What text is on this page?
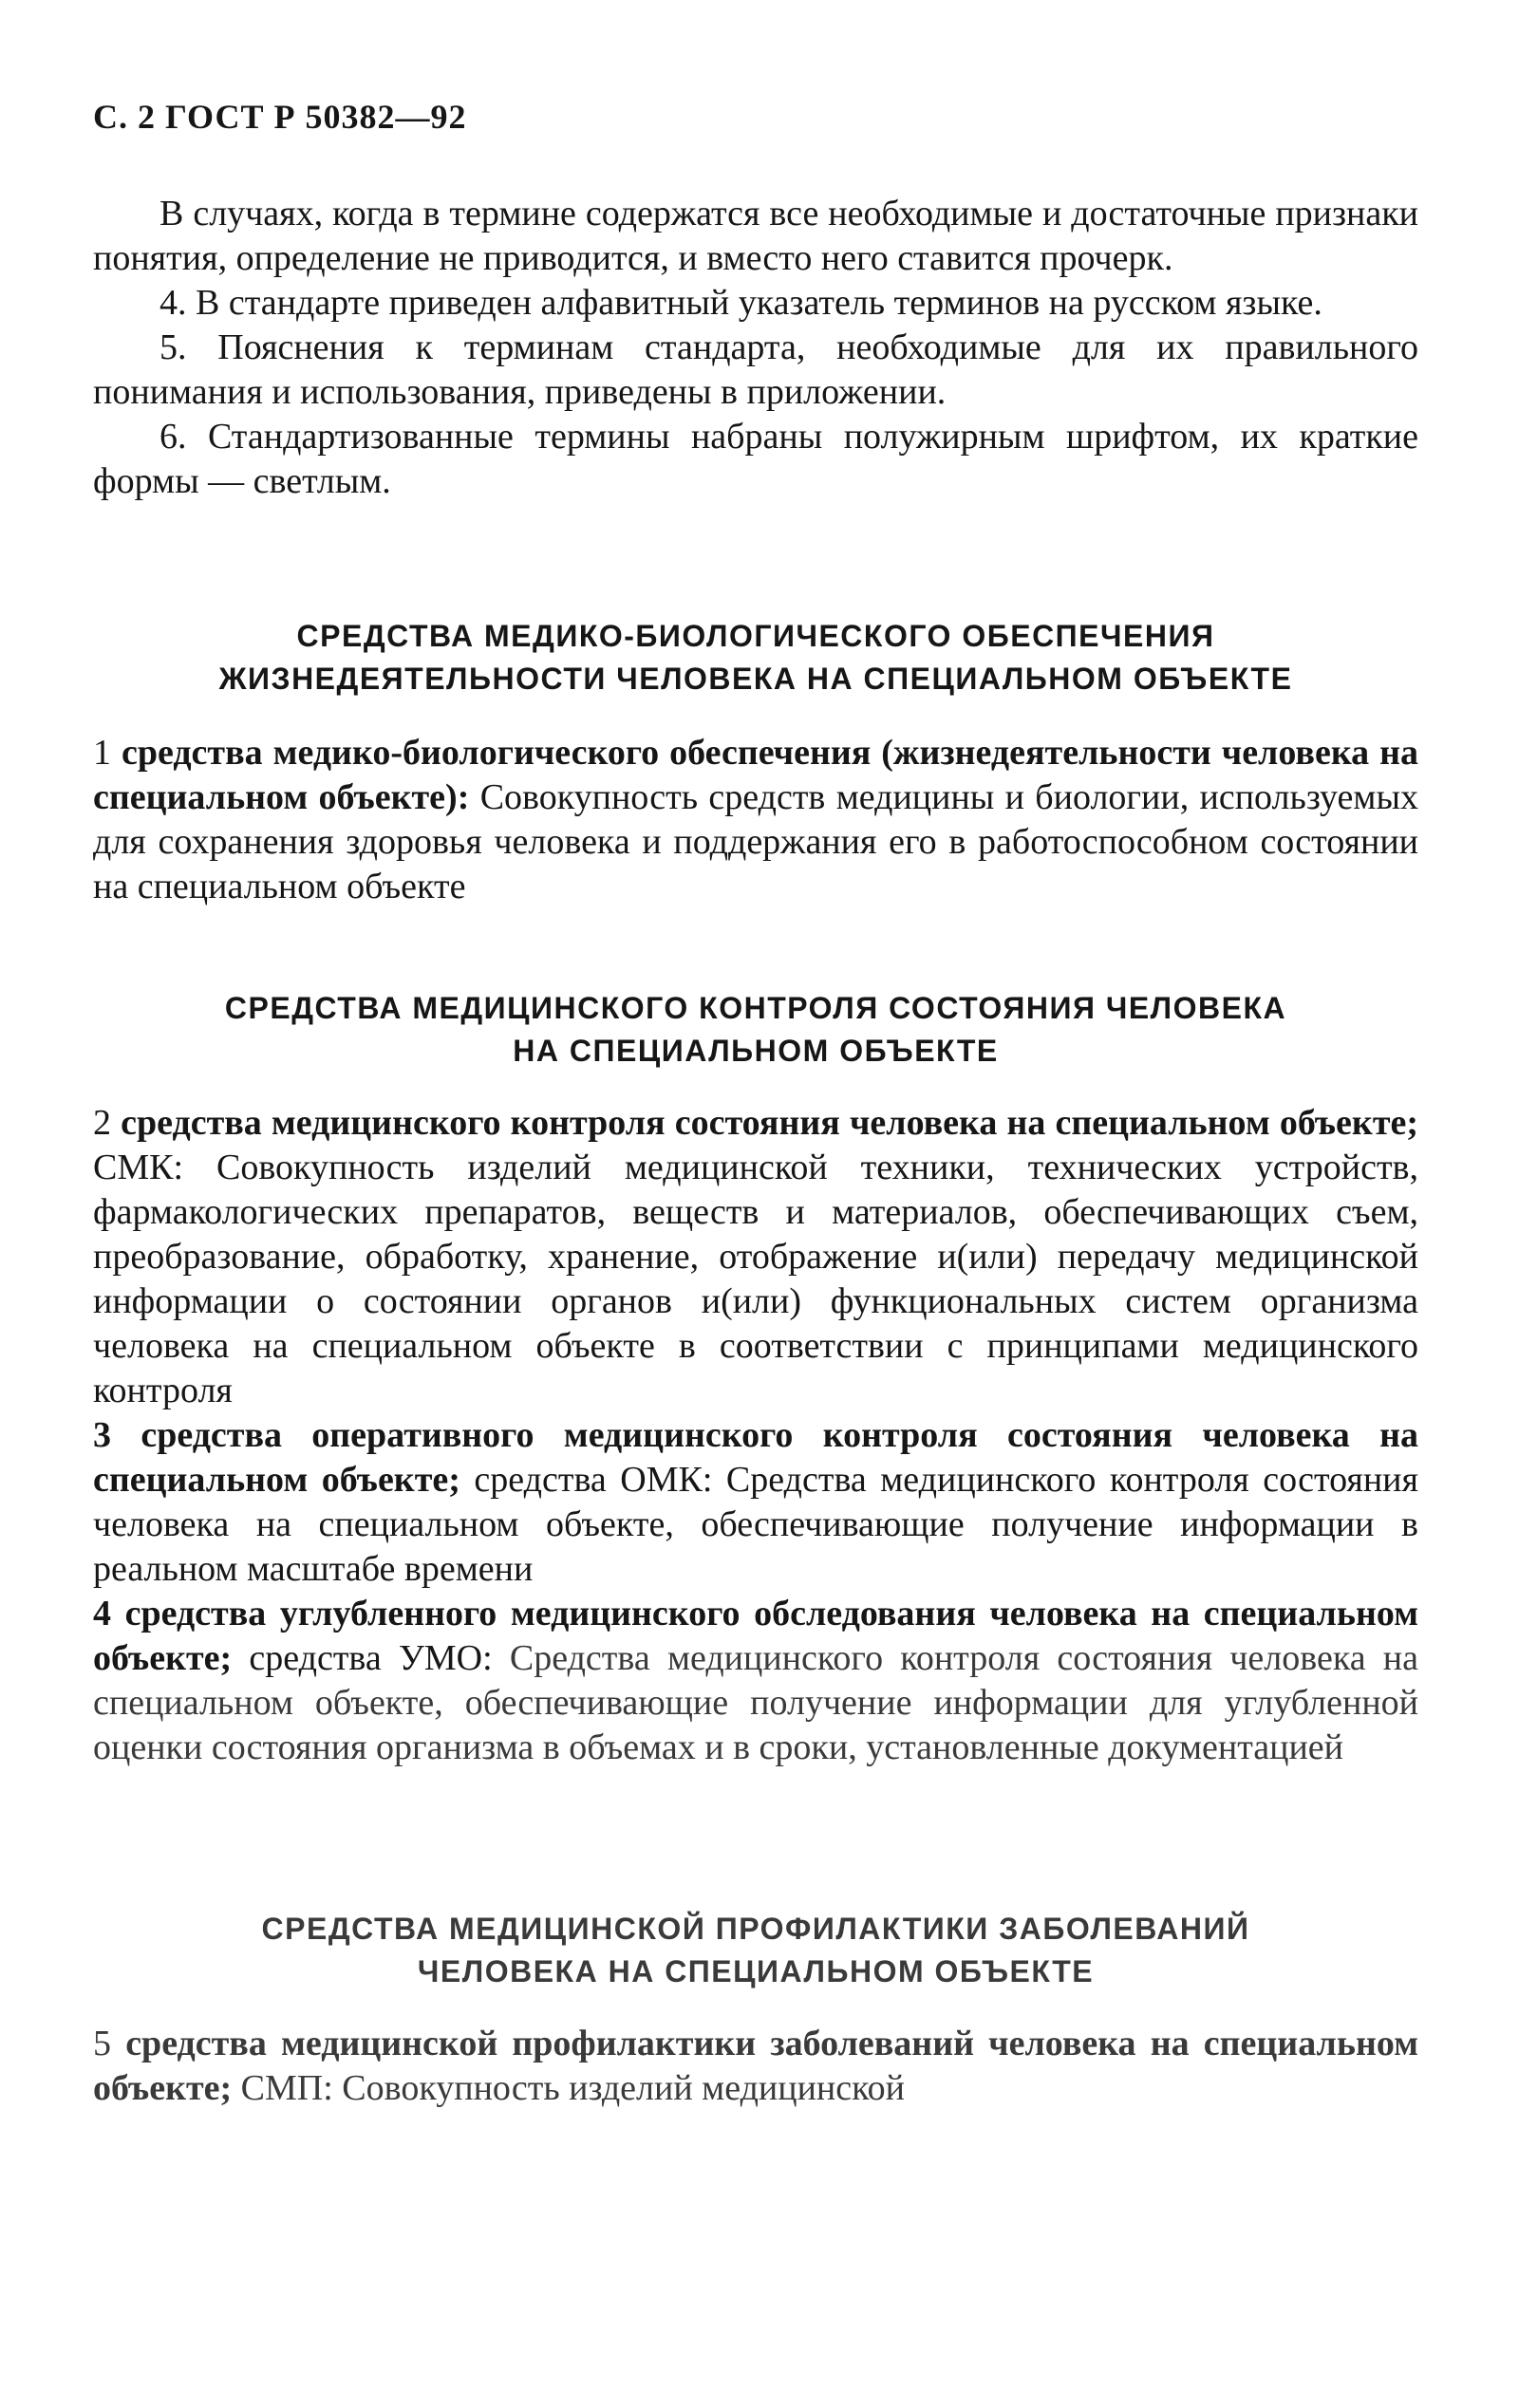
С. 2 ГОСТ Р 50382—92

В случаях, когда в термине содержатся все необходимые и достаточные признаки понятия, определение не приводится, и вместо него ставится прочерк.

4. В стандарте приведен алфавитный указатель терминов на русском языке.

5. Пояснения к терминам стандарта, необходимые для их правильного понимания и использования, приведены в приложении.

6. Стандартизованные термины набраны полужирным шрифтом, их краткие формы — светлым.

СРЕДСТВА МЕДИКО-БИОЛОГИЧЕСКОГО ОБЕСПЕЧЕНИЯ
ЖИЗНЕДЕЯТЕЛЬНОСТИ ЧЕЛОВЕКА НА СПЕЦИАЛЬНОМ ОБЪЕКТЕ

1 средства медико-биологического обеспечения (жизнедеятельности человека на специальном объекте): Совокупность средств медицины и биологии, используемых для сохранения здоровья человека и поддержания его в работоспособном состоянии на специальном объекте

СРЕДСТВА МЕДИЦИНСКОГО КОНТРОЛЯ СОСТОЯНИЯ ЧЕЛОВЕКА
НА СПЕЦИАЛЬНОМ ОБЪЕКТЕ

2 средства медицинского контроля состояния человека на специальном объекте; СМК: Совокупность изделий медицинской техники, технических устройств, фармакологических препаратов, веществ и материалов, обеспечивающих съем, преобразование, обработку, хранение, отображение и(или) передачу медицинской информации о состоянии органов и(или) функциональных систем организма человека на специальном объекте в соответствии с принципами медицинского контроля

3 средства оперативного медицинского контроля состояния человека на специальном объекте; средства ОМК: Средства медицинского контроля состояния человека на специальном объекте, обеспечивающие получение информации в реальном масштабе времени

4 средства углубленного медицинского обследования человека на специальном объекте; средства УМО: Средства медицинского контроля состояния человека на специальном объекте, обеспечивающие получение информации для углубленной оценки состояния организма в объемах и в сроки, установленные документацией

СРЕДСТВА МЕДИЦИНСКОЙ ПРОФИЛАКТИКИ ЗАБОЛЕВАНИЙ
ЧЕЛОВЕКА НА СПЕЦИАЛЬНОМ ОБЪЕКТЕ

5 средства медицинской профилактики заболеваний человека на специальном объекте; СМП: Совокупность изделий медицинской
